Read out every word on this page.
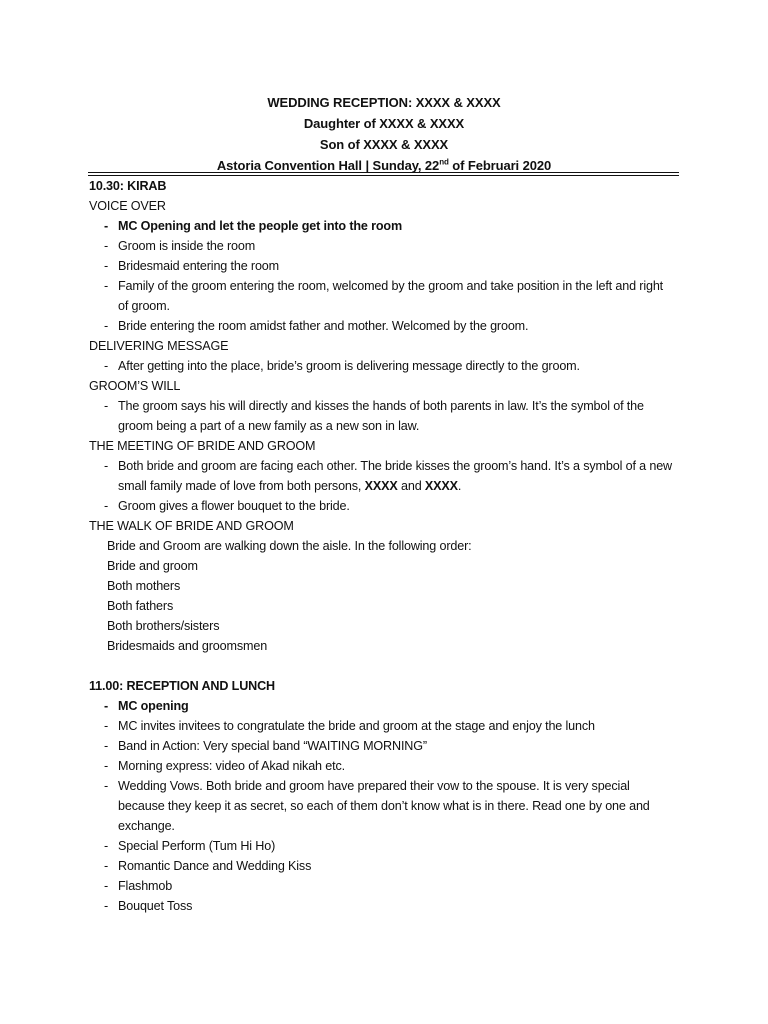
WEDDING RECEPTION: XXXX & XXXX
Daughter of XXXX & XXXX
Son of XXXX & XXXX
Astoria Convention Hall | Sunday, 22nd of Februari 2020
10.30: KIRAB
VOICE OVER
- MC Opening and let the people get into the room
- Groom is inside the room
- Bridesmaid entering the room
- Family of the groom entering the room, welcomed by the groom and take position in the left and right of groom.
- Bride entering the room amidst father and mother. Welcomed by the groom.
DELIVERING MESSAGE
- After getting into the place, bride’s groom is delivering message directly to the groom.
GROOM’S WILL
- The groom says his will directly and kisses the hands of both parents in law. It’s the symbol of the groom being a part of a new family as a new son in law.
THE MEETING OF BRIDE AND GROOM
- Both bride and groom are facing each other. The bride kisses the groom’s hand. It’s a symbol of a new small family made of love from both persons, XXXX and XXXX.
- Groom gives a flower bouquet to the bride.
THE WALK OF BRIDE AND GROOM
Bride and Groom are walking down the aisle. In the following order:
Bride and groom
Both mothers
Both fathers
Both brothers/sisters
Bridesmaids and groomsmen
11.00: RECEPTION AND LUNCH
- MC opening
- MC invites invitees to congratulate the bride and groom at the stage and enjoy the lunch
- Band in Action: Very special band “WAITING MORNING”
- Morning express: video of Akad nikah etc.
- Wedding Vows. Both bride and groom have prepared their vow to the spouse. It is very special because they keep it as secret, so each of them don’t know what is in there. Read one by one and exchange.
- Special Perform (Tum Hi Ho)
- Romantic Dance and Wedding Kiss
- Flashmob
- Bouquet Toss
